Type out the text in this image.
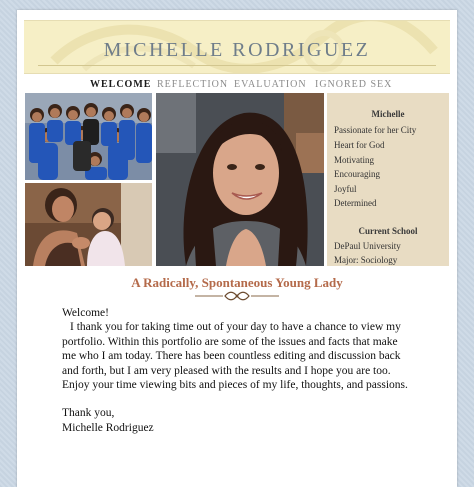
MICHELLE RODRIGUEZ
WELCOME REFLECTION EVALUATION IGNORED SEX
Michelle
Passionate for her City
Heart for God
Motivating
Encouraging
Joyful
Determined
Current School
DePaul University
Major: Sociology
A Radically, Spontaneous Young Lady

Welcome!

I thank you for taking time out of your day to have a chance to view my portfolio. Within this portfolio are some of the issues and facts that make me who I am today. There has been countless editing and discussion back and forth, but I am very pleased with the results and I hope you are too. Enjoy your time viewing bits and pieces of my life, thoughts, and passions.

Thank you,

Michelle Rodriguez
